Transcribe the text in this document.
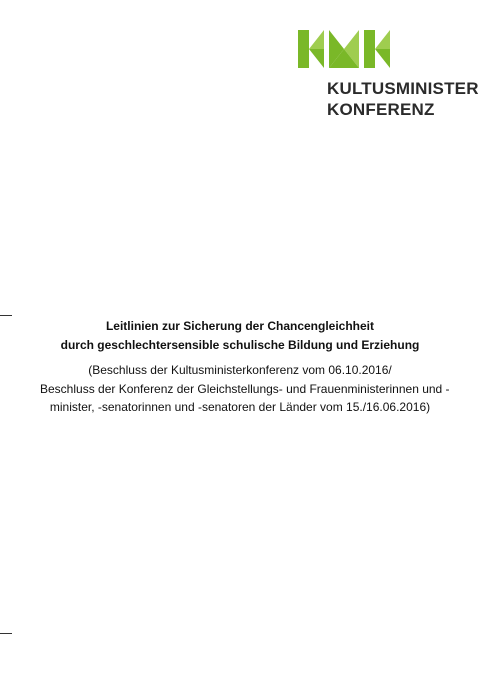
KULTUSMINISTER
KONFERENZ
Leitlinien zur Sicherung der Chancengleichheit
durch geschlechtersensible schulische Bildung und Erziehung
(Beschluss der Kultusministerkonferenz vom 06.10.2016/
Beschluss der Konferenz der Gleichstellungs- und Frauenministerinnen und -
minister, -senatorinnen und -senatoren der Länder vom 15./16.06.2016)
